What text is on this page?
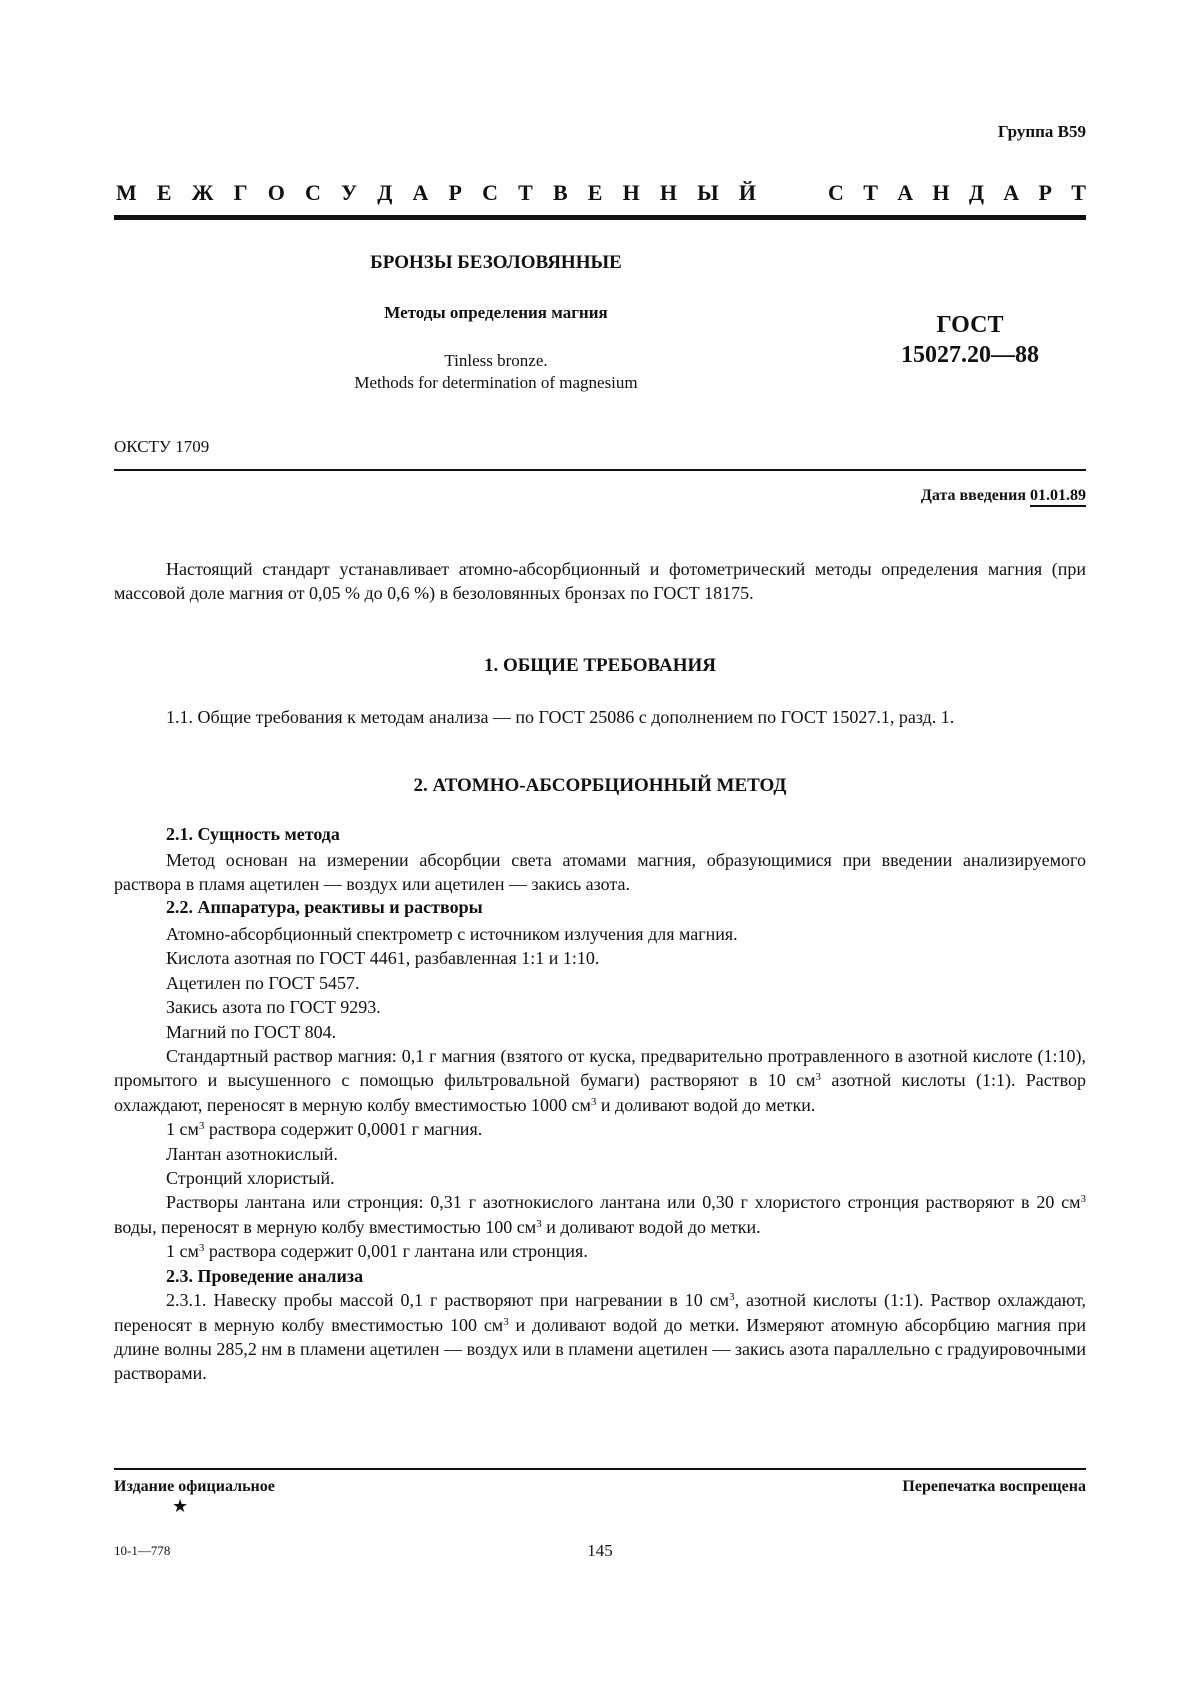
Группа В59
М Е Ж Г О С У Д А Р С Т В Е Н Н Ы Й	С Т А Н Д А Р Т
БРОНЗЫ БЕЗОЛОВЯННЫЕ
Методы определения магния
Tinless bronze.
Methods for determination of magnesium
ГОСТ
15027.20—88
ОКСТУ 1709
Дата введения 01.01.89
Настоящий стандарт устанавливает атомно-абсорбционный и фотометрический методы определения магния (при массовой доле магния от 0,05 % до 0,6 %) в безоловянных бронзах по ГОСТ 18175.
1. ОБЩИЕ ТРЕБОВАНИЯ
1.1. Общие требования к методам анализа — по ГОСТ 25086 с дополнением по ГОСТ 15027.1, разд. 1.
2. АТОМНО-АБСОРБЦИОННЫЙ МЕТОД
2.1. Сущность метода
Метод основан на измерении абсорбции света атомами магния, образующимися при введении анализируемого раствора в пламя ацетилен — воздух или ацетилен — закись азота.
2.2. Аппаратура, реактивы и растворы
Атомно-абсорбционный спектрометр с источником излучения для магния.
Кислота азотная по ГОСТ 4461, разбавленная 1:1 и 1:10.
Ацетилен по ГОСТ 5457.
Закись азота по ГОСТ 9293.
Магний по ГОСТ 804.
Стандартный раствор магния: 0,1 г магния (взятого от куска, предварительно протравленного в азотной кислоте (1:10), промытого и высушенного с помощью фильтровальной бумаги) растворяют в 10 $см^3$ азотной кислоты (1:1). Раствор охлаждают, переносят в мерную колбу вместимостью 1000 $см^3$ и доливают водой до метки.
1 $см^3$ раствора содержит 0,0001 г магния.
Лантан азотнокислый.
Стронций хлористый.
Растворы лантана или стронция: 0,31 г азотнокислого лантана или 0,30 г хлористого стронция растворяют в 20 $см^3$ воды, переносят в мерную колбу вместимостью 100 $см^3$ и доливают водой до метки.
1 $см^3$ раствора содержит 0,001 г лантана или стронция.
2.3. Проведение анализа
2.3.1. Навеску пробы массой 0,1 г растворяют при нагревании в 10 $см^3$, азотной кислоты (1:1). Раствор охлаждают, переносят в мерную колбу вместимостью 100 $см^3$ и доливают водой до метки. Измеряют атомную абсорбцию магния при длине волны 285,2 нм в пламени ацетилен — воздух или в пламени ацетилен — закись азота параллельно с градуировочными растворами.
Издание официальное
★
Перепечатка воспрещена
10-1—778	145
